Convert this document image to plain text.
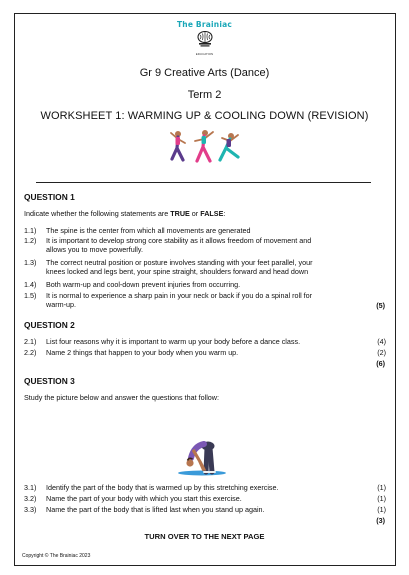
The Brainiac
EDUCATION
Gr 9 Creative Arts (Dance)
Term 2
WORKSHEET 1: WARMING UP & COOLING DOWN (REVISION)
QUESTION 1
Indicate whether the following statements are TRUE or FALSE:
1.1) The spine is the center from which all movements are generated
1.2) It is important to develop strong core stability as it allows freedom of movement and
allows you to move powerfully.
1.3) The correct neutral position or posture involves standing with your feet parallel, your
knees locked and legs bent, your spine straight, shoulders forward and head down
1.4) Both warm-up and cool-down prevent injuries from occurring.
1.5) It is normal to experience a sharp pain in your neck or back if you do a spinal roll for
warm-up.	(5)
QUESTION 2
2.1) List four reasons why it is important to warm up your body before a dance class.	(4)
2.2) Name 2 things that happen to your body when you warm up.	(2)
(6)
QUESTION 3
Study the picture below and answer the questions that follow:
3.1) Identify the part of the body that is warmed up by this stretching exercise.	(1)
3.2) Name the part of your body with which you start this exercise.	(1)
3.3) Name the part of the body that is lifted last when you stand up again.	(1)
(3)
TURN OVER TO THE NEXT PAGE
Copyright © The Brainiac 2023
